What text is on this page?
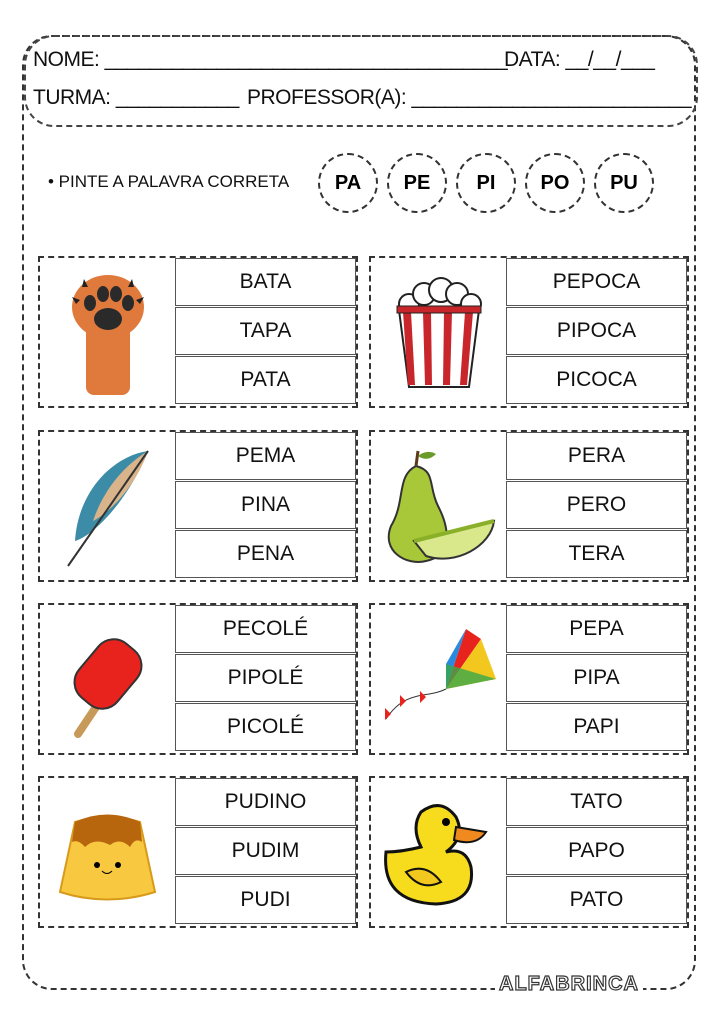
NOME: ____________________________________
DATA: __/__/___
TURMA: ___________ PROFESSOR(A): _________________________
• PINTE A PALAVRA CORRETA	PA	PE	PI	PO	PU
BATA
TAPA
PATA
PEPOCA
PIPOCA
PICOCA
PEMA
PINA
PENA
PERA
PERO
TERA
PECOLÉ
PIPOLÉ
PICOLÉ
PEPA
PIPA
PAPI
PUDINO
PUDIM
PUDI
TATO
PAPO
PATO
ALFABRINCA
